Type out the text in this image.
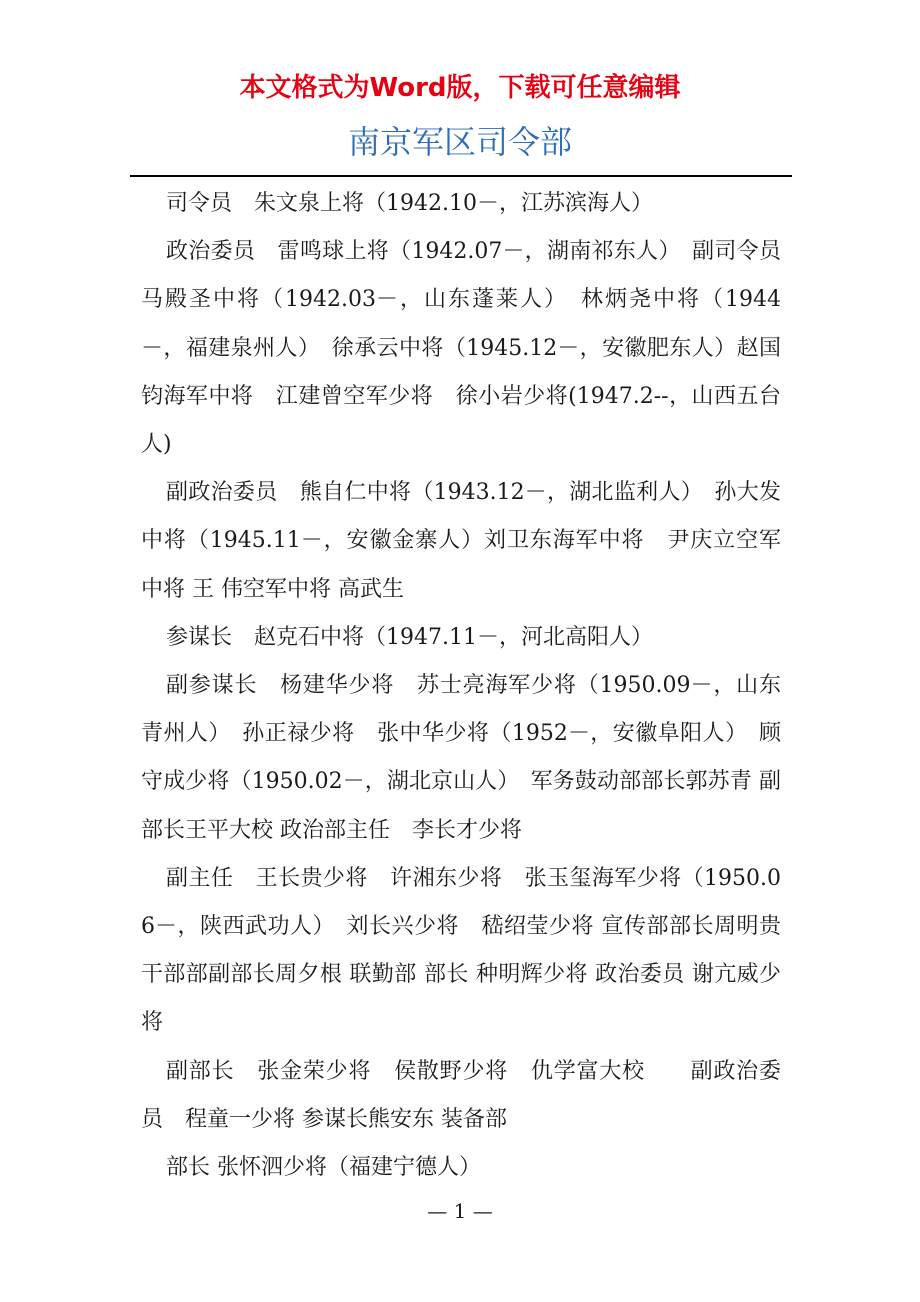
本文格式为Word版，下载可任意编辑
南京军区司令部

司令员　朱文泉上将（1942.10－，江苏滨海人）

政治委员　雷鸣球上将（1942.07－，湖南祁东人）　副司令员　马殿圣中将（1942.03－，山东蓬莱人）　林炳尧中将（1944－，福建泉州人）　徐承云中将（1945.12－，安徽肥东人）赵国钧海军中将　江建曾空军少将　徐小岩少将(1947.2--，山西五台人)

副政治委员　熊自仁中将（1943.12－，湖北监利人）　孙大发中将（1945.11－，安徽金寨人）刘卫东海军中将　尹庆立空军中将 王 伟空军中将 高武生

参谋长　赵克石中将（1947.11－，河北高阳人）

副参谋长　杨建华少将　苏士亮海军少将（1950.09－，山东青州人）　孙正禄少将　张中华少将（1952－，安徽阜阳人）　顾守成少将（1950.02－，湖北京山人）　军务鼓动部部长郭苏青 副部长王平大校 政治部主任　李长才少将

副主任　王长贵少将　许湘东少将　张玉玺海军少将（1950.06－，陕西武功人）　刘长兴少将　嵇绍莹少将 宣传部部长周明贵 干部部副部长周夕根 联勤部 部长 种明辉少将 政治委员 谢亢威少将

副部长　张金荣少将　侯散野少将　仇学富大校　　副政治委员　程童一少将 参谋长熊安东 装备部

部长 张怀泗少将（福建宁德人）

— 1 —
